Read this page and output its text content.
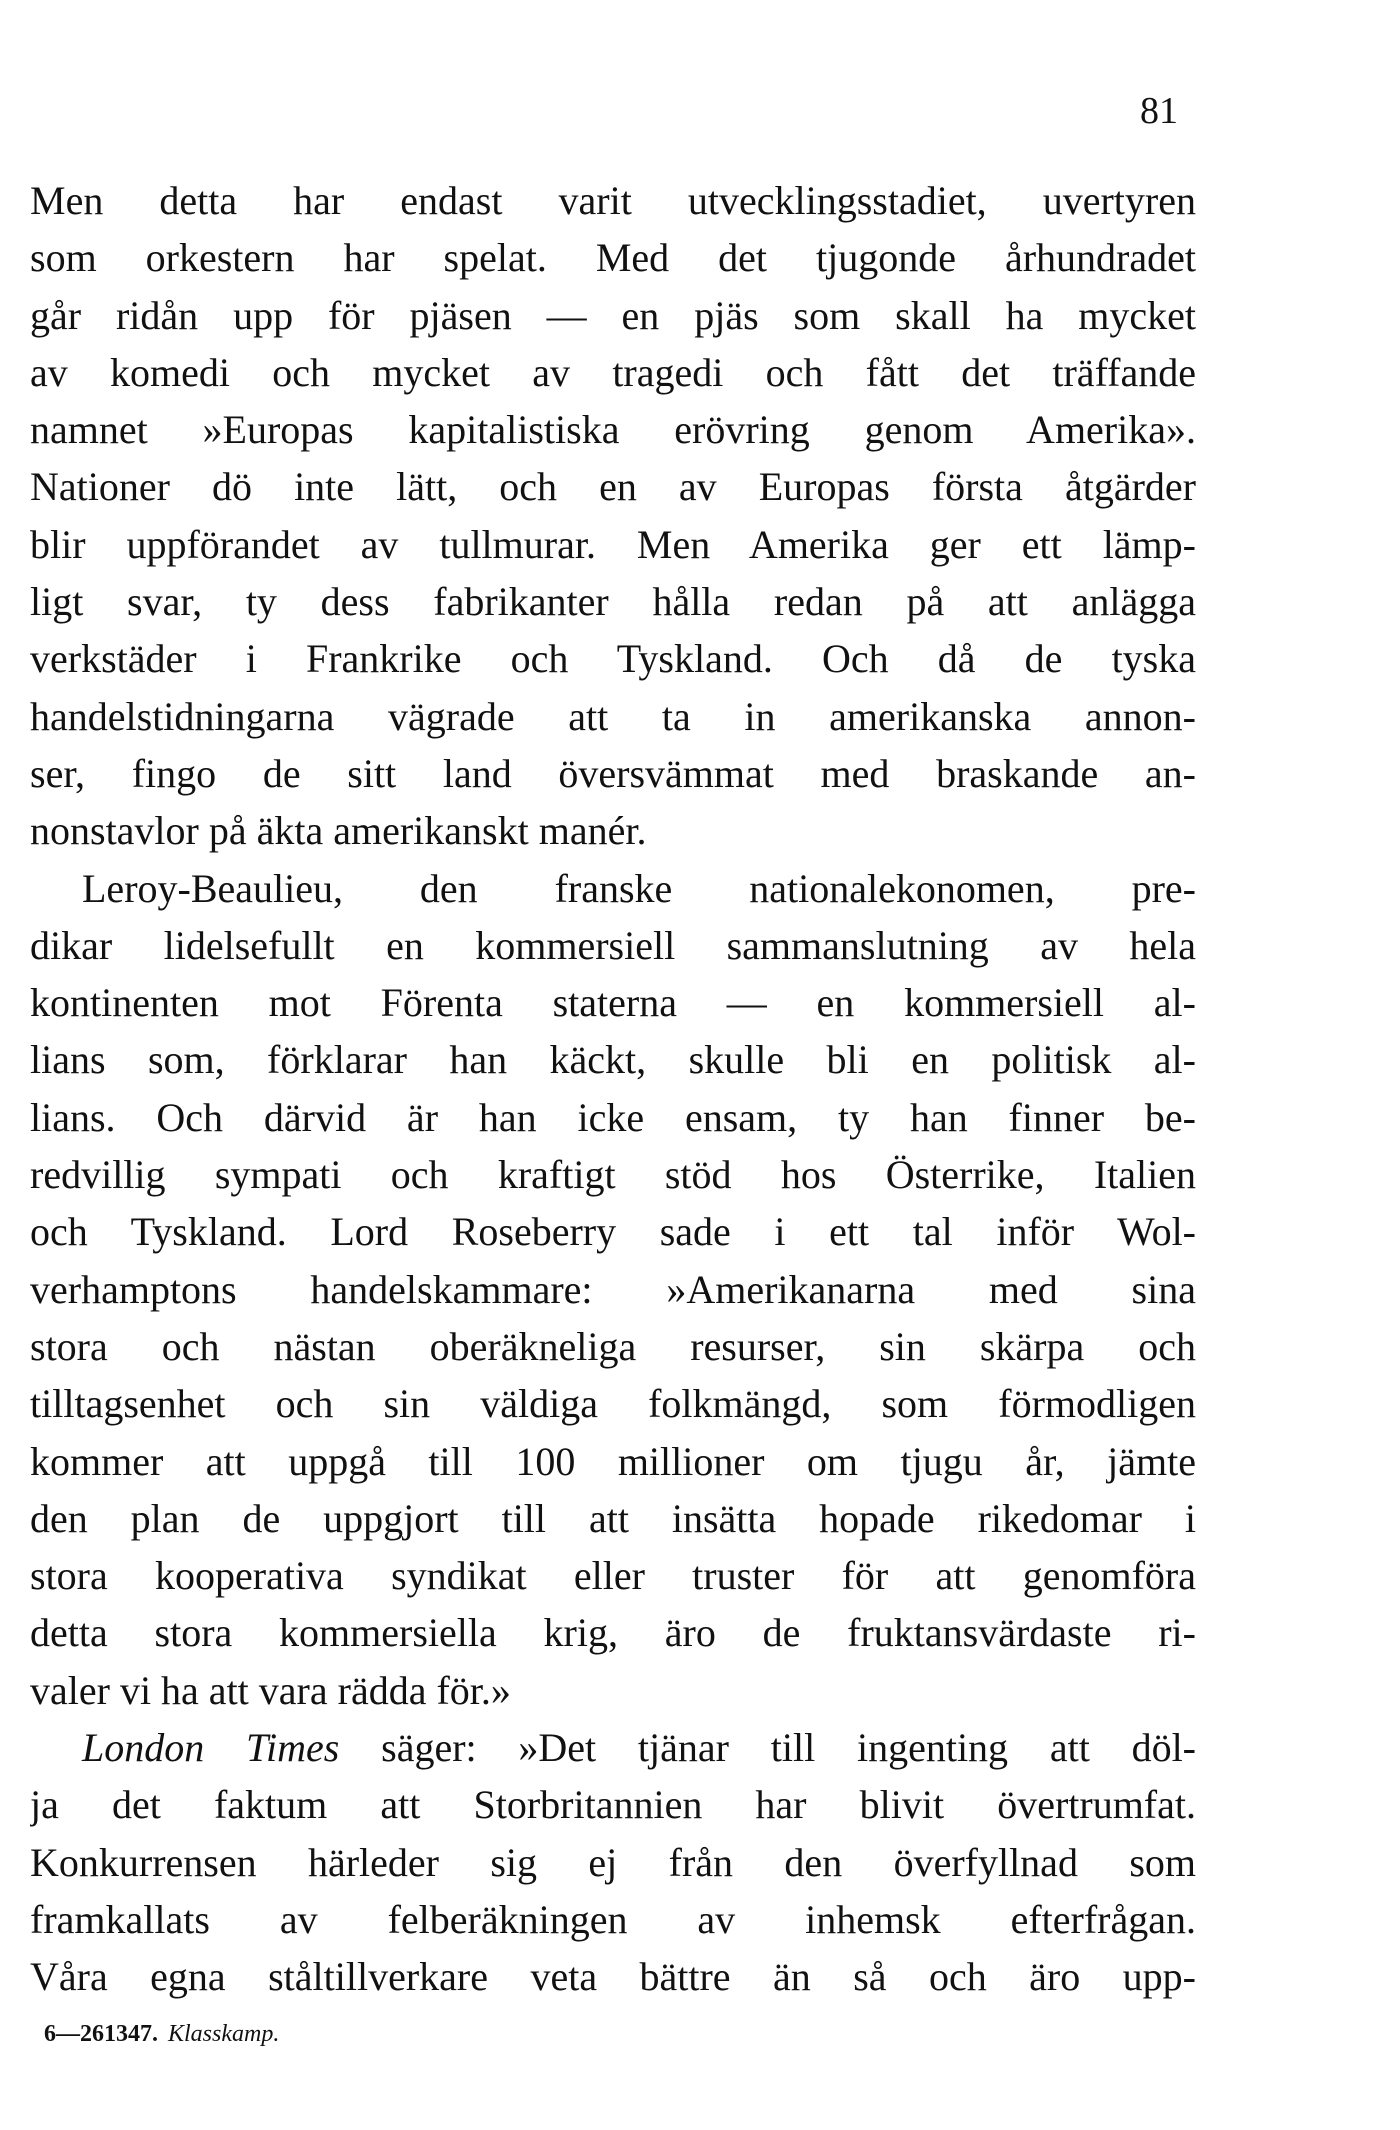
81
Men detta har endast varit utvecklingsstadiet, uvertyren
som orkestern har spelat. Med det tjugonde århundradet
går ridån upp för pjäsen — en pjäs som skall ha mycket
av komedi och mycket av tragedi och fått det träffande
namnet »Europas kapitalistiska erövring genom Amerika».
Nationer dö inte lätt, och en av Europas första åtgärder
blir uppförandet av tullmurar. Men Amerika ger ett lämp-
ligt svar, ty dess fabrikanter hålla redan på att anlägga
verkstäder i Frankrike och Tyskland. Och då de tyska
handelstidningarna vägrade att ta in amerikanska annon-
ser, fingo de sitt land översvämmat med braskande an-
nonstavlor på äkta amerikanskt manér.
Leroy-Beaulieu, den franske nationalekonomen, pre-
dikar lidelsefullt en kommersiell sammanslutning av hela
kontinenten mot Förenta staterna — en kommersiell al-
lians som, förklarar han käckt, skulle bli en politisk al-
lians. Och därvid är han icke ensam, ty han finner be-
redvillig sympati och kraftigt stöd hos Österrike, Italien
och Tyskland. Lord Roseberry sade i ett tal inför Wol-
verhamptons handelskammare: »Amerikanarna med sina
stora och nästan oberäkneliga resurser, sin skärpa och
tilltagsenhet och sin väldiga folkmängd, som förmodligen
kommer att uppgå till 100 millioner om tjugu år, jämte
den plan de uppgjort till att insätta hopade rikedomar i
stora kooperativa syndikat eller truster för att genomföra
detta stora kommersiella krig, äro de fruktansvärdaste ri-
valer vi ha att vara rädda för.»
London Times säger: »Det tjänar till ingenting att döl-
ja det faktum att Storbritannien har blivit övertrumfat.
Konkurrensen härleder sig ej från den överfyllnad som
framkallats av felberäkningen av inhemsk efterfrågan.
Våra egna ståltillverkare veta bättre än så och äro upp-
6—261347. Klasskamp.
